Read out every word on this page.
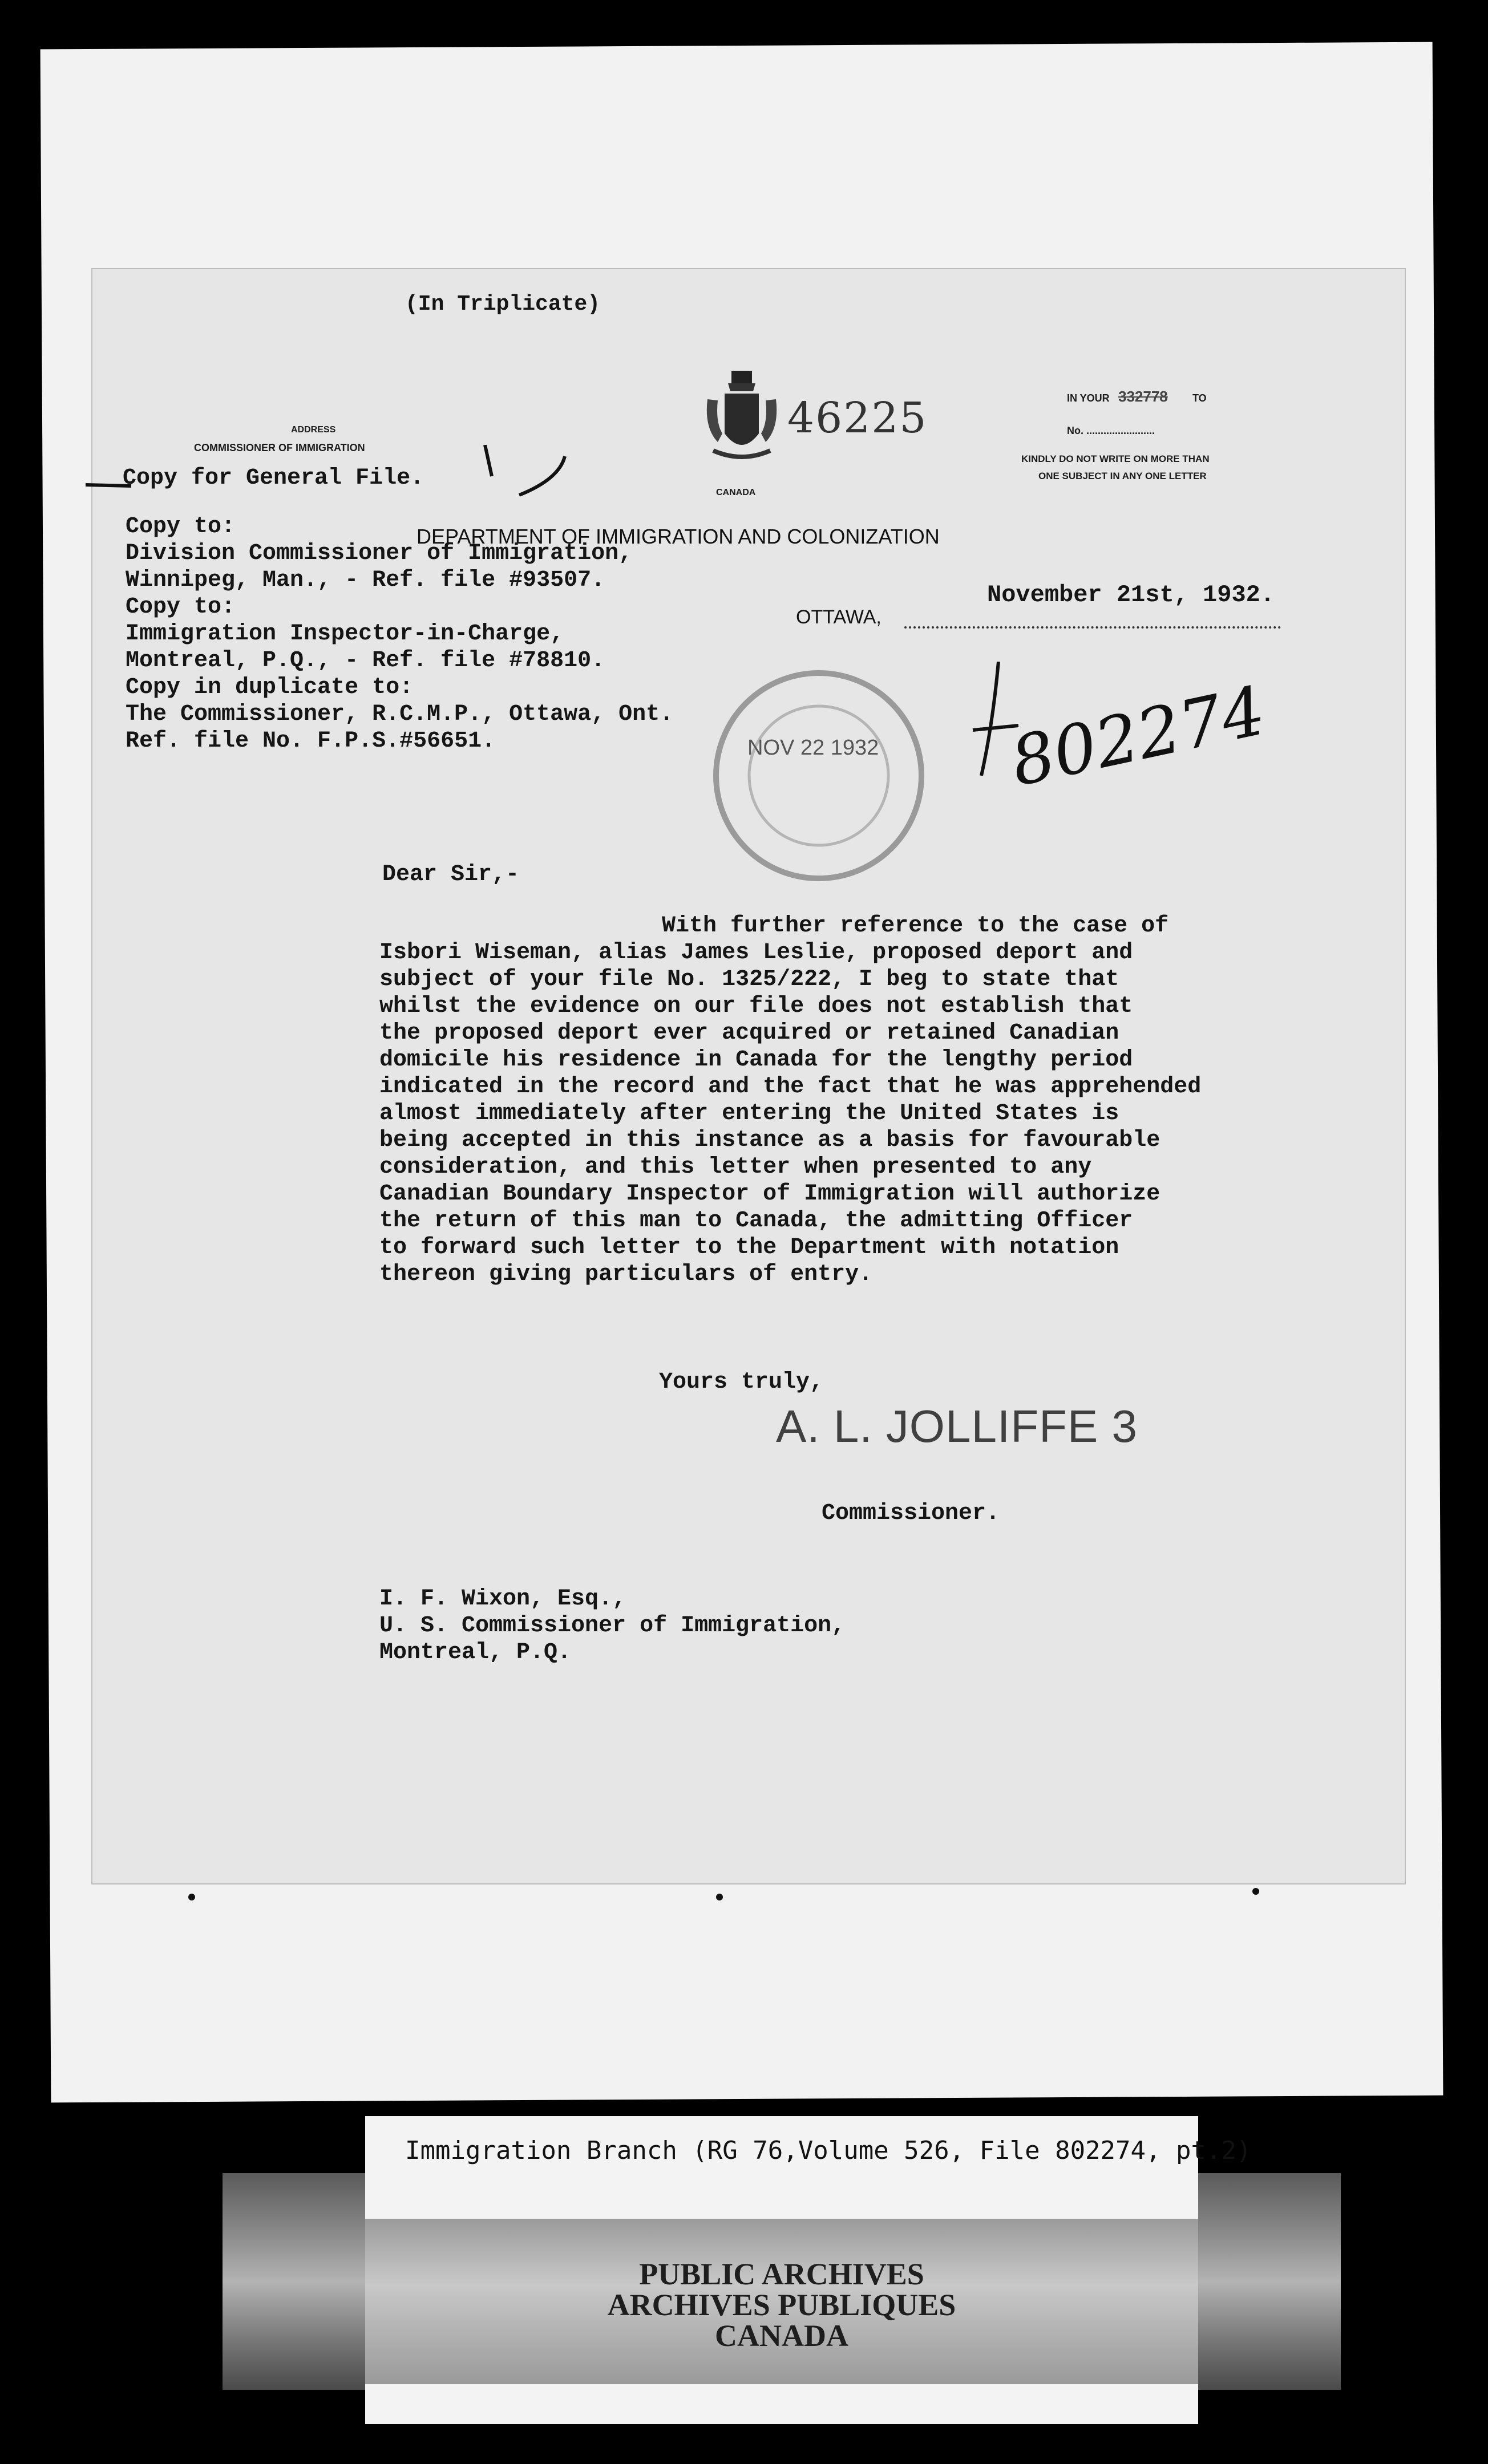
(In Triplicate)
ADDRESS
COMMISSIONER OF IMMIGRATION
Copy for General File.
CANADA
46225	IN YOUR 332778 TO
No. ........................
KINDLY DO NOT WRITE ON MORE THAN
ONE SUBJECT IN ANY ONE LETTER
DEPARTMENT OF IMMIGRATION AND COLONIZATION
Copy to:
Division Commissioner of Immigration,
Winnipeg, Man., - Ref. file #93507.
Copy to:
Immigration Inspector-in-Charge,
Montreal, P.Q., - Ref. file #78810.
Copy in duplicate to:
The Commissioner, R.C.M.P., Ottawa, Ont.
Ref. file No. F.P.S.#56651.
OTTAWA,
November 21st, 1932.
NOV 22 1932 802274
Dear Sir,-
With further reference to the case of
Isbori Wiseman, alias James Leslie, proposed deport and
subject of your file No. 1325/222, I beg to state that
whilst the evidence on our file does not establish that
the proposed deport ever acquired or retained Canadian
domicile his residence in Canada for the lengthy period
indicated in the record and the fact that he was apprehended
almost immediately after entering the United States is
being accepted in this instance as a basis for favourable
consideration, and this letter when presented to any
Canadian Boundary Inspector of Immigration will authorize
the return of this man to Canada, the admitting Officer
to forward such letter to the Department with notation
thereon giving particulars of entry.
Yours truly,
A. L. JOLLIFFE 3
Commissioner.
I. F. Wixon, Esq.,
U. S. Commissioner of Immigration,
Montreal, P.Q.
Immigration Branch (RG 76,Volume 526, File 802274, pt.2)
PUBLIC ARCHIVES
ARCHIVES PUBLIQUES
CANADA
